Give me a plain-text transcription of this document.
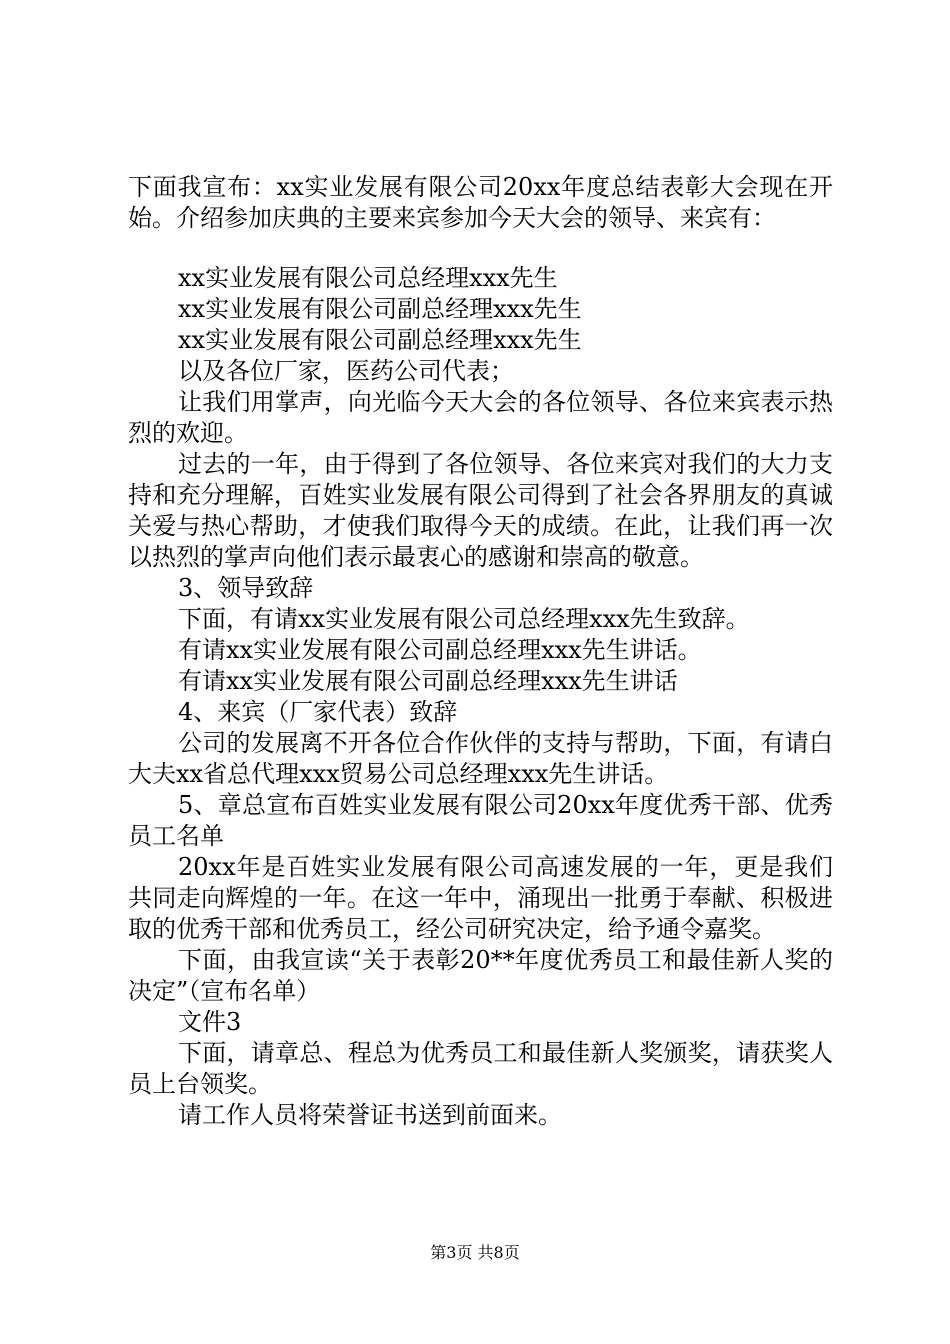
下面我宣布：xx实业发展有限公司20xx年度总结表彰大会现在开始。介绍参加庆典的主要来宾参加今天大会的领导、来宾有：

xx实业发展有限公司总经理xxx先生

xx实业发展有限公司副总经理xxx先生

xx实业发展有限公司副总经理xxx先生

以及各位厂家，医药公司代表；

让我们用掌声，向光临今天大会的各位领导、各位来宾表示热烈的欢迎。

过去的一年，由于得到了各位领导、各位来宾对我们的大力支持和充分理解，百姓实业发展有限公司得到了社会各界朋友的真诚关爱与热心帮助，才使我们取得今天的成绩。在此，让我们再一次以热烈的掌声向他们表示最衷心的感谢和崇高的敬意。

3、领导致辞

下面，有请xx实业发展有限公司总经理xxx先生致辞。

有请xx实业发展有限公司副总经理xxx先生讲话。

有请xx实业发展有限公司副总经理xxx先生讲话

4、来宾（厂家代表）致辞

公司的发展离不开各位合作伙伴的支持与帮助，下面，有请白大夫xx省总代理xxx贸易公司总经理xxx先生讲话。

5、章总宣布百姓实业发展有限公司20xx年度优秀干部、优秀员工名单

20xx年是百姓实业发展有限公司高速发展的一年，更是我们共同走向辉煌的一年。在这一年中，涌现出一批勇于奉献、积极进取的优秀干部和优秀员工，经公司研究决定，给予通令嘉奖。

下面，由我宣读“关于表彰20**年度优秀员工和最佳新人奖的决定”（宣布名单）

文件3

下面，请章总、程总为优秀员工和最佳新人奖颁奖，请获奖人员上台领奖。

请工作人员将荣誉证书送到前面来。

第3页 共8页
